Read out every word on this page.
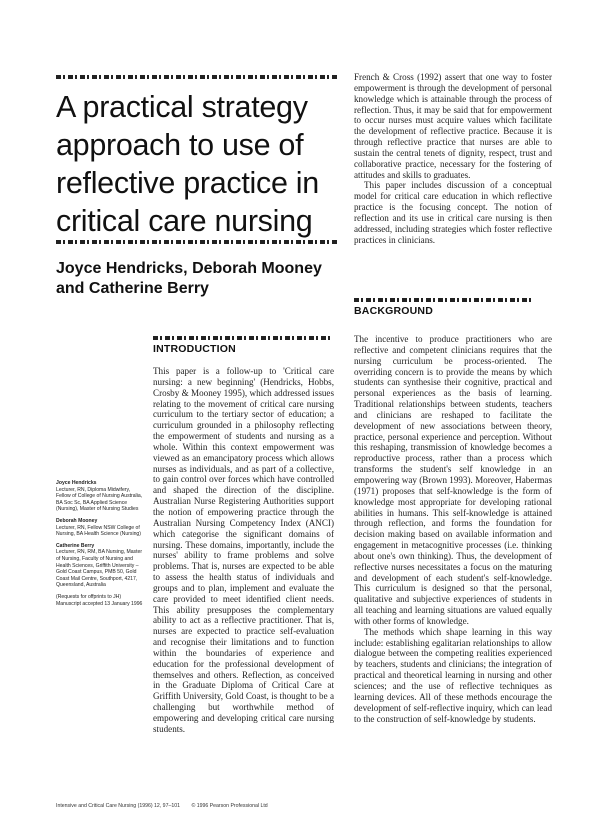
A practical strategy approach to use of reflective practice in critical care nursing
Joyce Hendricks, Deborah Mooney and Catherine Berry

French & Cross (1992) assert that one way to foster empowerment is through the development of personal knowledge which is attainable through the process of reflection. Thus, it may be said that for empowerment to occur nurses must acquire values which facilitate the development of reflective practice. Because it is through reflective practice that nurses are able to sustain the central tenets of dignity, respect, trust and collaborative practice, necessary for the fostering of attitudes and skills to graduates.

This paper includes discussion of a conceptual model for critical care education in which reflective practice is the focusing concept. The notion of reflection and its use in critical care nursing is then addressed, including strategies which foster reflective practices in clinicians.

INTRODUCTION

This paper is a follow-up to 'Critical care nursing: a new beginning' (Hendricks, Hobbs, Crosby & Mooney 1995), which addressed issues relating to the movement of critical care nursing curriculum to the tertiary sector of education; a curriculum grounded in a philosophy reflecting the empowerment of students and nursing as a whole. Within this context empowerment was viewed as an emancipatory process which allows nurses as individuals, and as part of a collective, to gain control over forces which have controlled and shaped the direction of the discipline. Australian Nurse Registering Authorities support the notion of empowering practice through the Australian Nursing Competency Index (ANCI) which categorise the significant domains of nursing. These domains, importantly, include the nurses' ability to frame problems and solve problems. That is, nurses are expected to be able to assess the health status of individuals and groups and to plan, implement and evaluate the care provided to meet identified client needs. This ability presupposes the complementary ability to act as a reflective practitioner. That is, nurses are expected to practice self-evaluation and recognise their limitations and to function within the boundaries of experience and education for the professional development of themselves and others. Reflection, as conceived in the Graduate Diploma of Critical Care at Griffith University, Gold Coast, is thought to be a challenging but worthwhile method of empowering and developing critical care nursing students.

BACKGROUND

The incentive to produce practitioners who are reflective and competent clinicians requires that the nursing curriculum be process-oriented. The overriding concern is to provide the means by which students can synthesise their cognitive, practical and personal experiences as the basis of learning. Traditional relationships between students, teachers and clinicians are reshaped to facilitate the development of new associations between theory, practice, personal experience and perception. Without this reshaping, transmission of knowledge becomes a reproductive process, rather than a process which transforms the student's self knowledge in an empowering way (Brown 1993). Moreover, Habermas (1971) proposes that self-knowledge is the form of knowledge most appropriate for developing rational abilities in humans. This self-knowledge is attained through reflection, and forms the foundation for decision making based on available information and engagement in metacognitive processes (i.e. thinking about one's own thinking). Thus, the development of reflective nurses necessitates a focus on the maturing and development of each student's self-knowledge. This curriculum is designed so that the personal, qualitative and subjective experiences of students in all teaching and learning situations are valued equally with other forms of knowledge.

The methods which shape learning in this way include: establishing egalitarian relationships to allow dialogue between the competing realities experienced by teachers, students and clinicians; the integration of practical and theoretical learning in nursing and other sciences; and the use of reflective techniques as learning devices. All of these methods encourage the development of self-reflective inquiry, which can lead to the construction of self-knowledge by students.

Joyce Hendricks
Lecturer, RN, Diploma Midwifery, Fellow of College of Nursing Australia, BA Soc Sc, BA Applied Science (Nursing), Master of Nursing Studies

Deborah Mooney
Lecturer, RN, Fellow NSW College of Nursing, BA Health Science (Nursing)

Catherine Berry
Lecturer, RN, RM, BA Nursing, Master of Nursing, Faculty of Nursing and Health Sciences, Griffith University – Gold Coast Campus, PMB 50, Gold Coast Mail Centre, Southport, 4217, Queensland, Australia

(Requests for offprints to JH) Manuscript accepted 13 January 1996

Intensive and Critical Care Nursing (1996) 12, 97–101 © 1996 Pearson Professional Ltd
